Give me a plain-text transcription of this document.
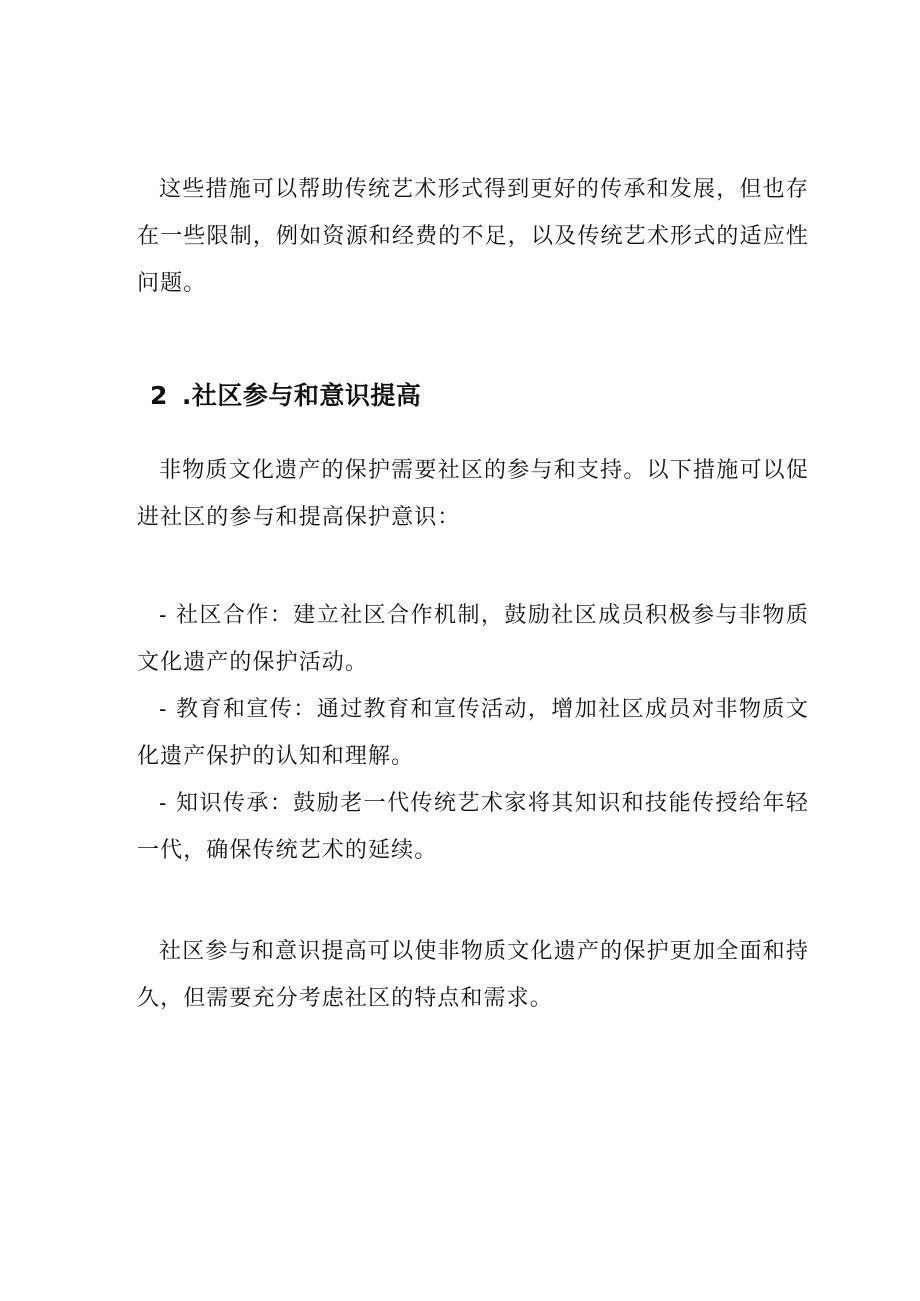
这些措施可以帮助传统艺术形式得到更好的传承和发展，但也存在一些限制，例如资源和经费的不足，以及传统艺术形式的适应性问题。

2 .社区参与和意识提高

非物质文化遗产的保护需要社区的参与和支持。以下措施可以促进社区的参与和提高保护意识：

- 社区合作：建立社区合作机制，鼓励社区成员积极参与非物质文化遗产的保护活动。

- 教育和宣传：通过教育和宣传活动，增加社区成员对非物质文化遗产保护的认知和理解。

- 知识传承：鼓励老一代传统艺术家将其知识和技能传授给年轻一代，确保传统艺术的延续。

社区参与和意识提高可以使非物质文化遗产的保护更加全面和持久，但需要充分考虑社区的特点和需求。
